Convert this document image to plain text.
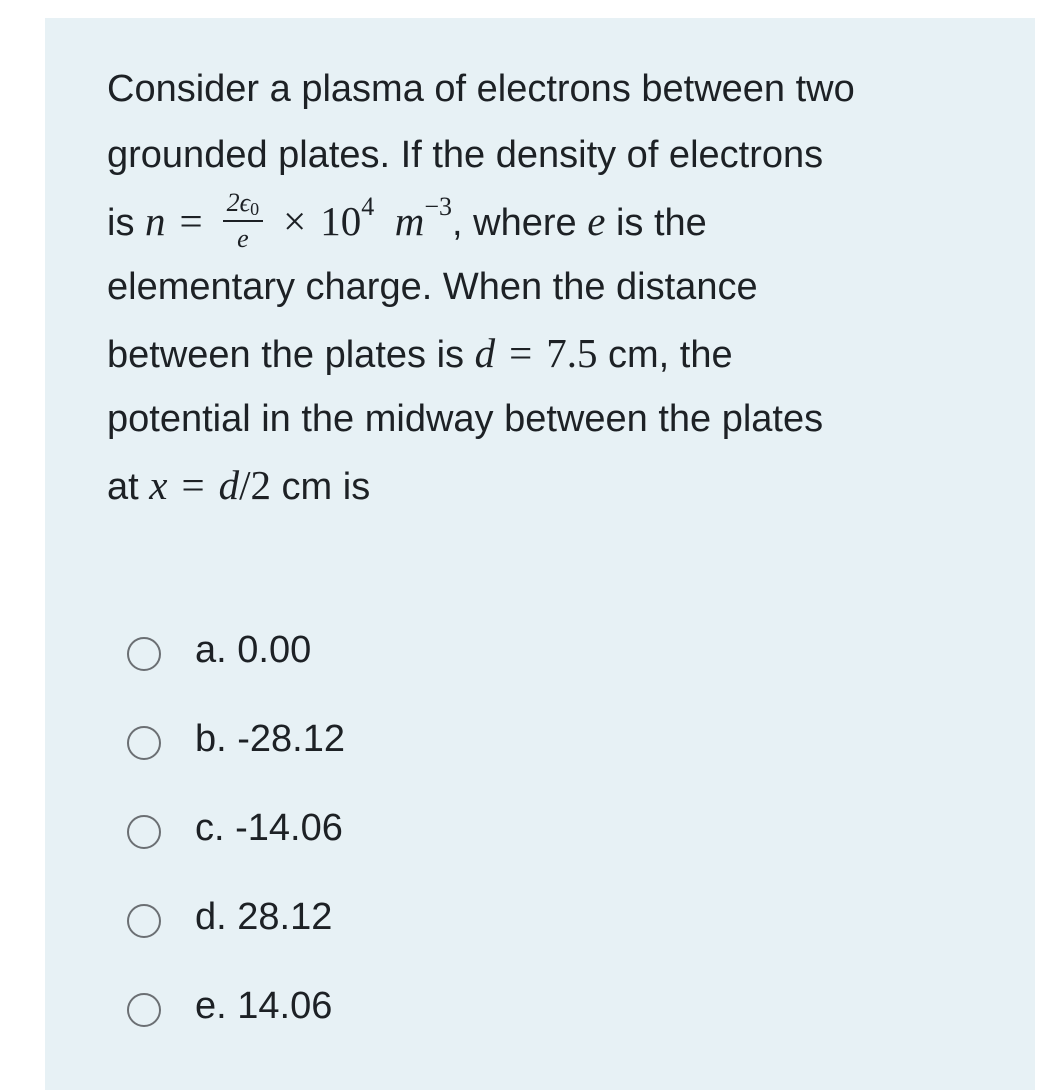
Consider a plasma of electrons between two
grounded plates. If the density of electrons
is $n = \frac{2\epsilon_0}{e} \times 10^4$ $m^{-3}$, where e is the
elementary charge. When the distance
between the plates is d = 7.5 cm, the
potential in the midway between the plates
at x = d/2 cm is
a. 0.00
b. -28.12
c. -14.06
d. 28.12
e. 14.06
